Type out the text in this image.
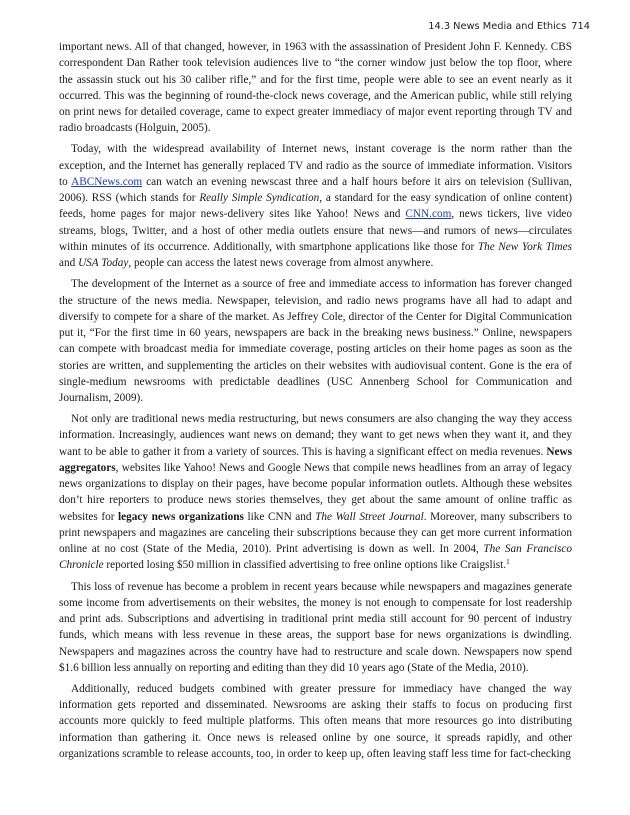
14.3 News Media and Ethics 714

important news. All of that changed, however, in 1963 with the assassination of President John F. Kennedy. CBS correspondent Dan Rather took television audiences live to “the corner window just below the top floor, where the assassin stuck out his 30 caliber rifle,” and for the first time, people were able to see an event nearly as it occurred. This was the beginning of round-the-clock news coverage, and the American public, while still relying on print news for detailed coverage, came to expect greater immediacy of major event reporting through TV and radio broadcasts (Holguin, 2005).

Today, with the widespread availability of Internet news, instant coverage is the norm rather than the exception, and the Internet has generally replaced TV and radio as the source of immediate information. Visitors to ABCNews.com can watch an evening newscast three and a half hours before it airs on television (Sullivan, 2006). RSS (which stands for Really Simple Syndication, a standard for the easy syndication of online content) feeds, home pages for major news-delivery sites like Yahoo! News and CNN.com, news tickers, live video streams, blogs, Twitter, and a host of other media outlets ensure that news—and rumors of news—circulates within minutes of its occurrence. Additionally, with smartphone applications like those for The New York Times and USA Today, people can access the latest news coverage from almost anywhere.

The development of the Internet as a source of free and immediate access to information has forever changed the structure of the news media. Newspaper, television, and radio news programs have all had to adapt and diversify to compete for a share of the market. As Jeffrey Cole, director of the Center for Digital Communication put it, “For the first time in 60 years, newspapers are back in the breaking news business.” Online, newspapers can compete with broadcast media for immediate coverage, posting articles on their home pages as soon as the stories are written, and supplementing the articles on their websites with audiovisual content. Gone is the era of single-medium newsrooms with predictable deadlines (USC Annenberg School for Communication and Journalism, 2009).

Not only are traditional news media restructuring, but news consumers are also changing the way they access information. Increasingly, audiences want news on demand; they want to get news when they want it, and they want to be able to gather it from a variety of sources. This is having a significant effect on media revenues. News aggregators, websites like Yahoo! News and Google News that compile news headlines from an array of legacy news organizations to display on their pages, have become popular information outlets. Although these websites don’t hire reporters to produce news stories themselves, they get about the same amount of online traffic as websites for legacy news organizations like CNN and The Wall Street Journal. Moreover, many subscribers to print newspapers and magazines are canceling their subscriptions because they can get more current information online at no cost (State of the Media, 2010). Print advertising is down as well. In 2004, The San Francisco Chronicle reported losing $50 million in classified advertising to free online options like Craigslist.$^1$

This loss of revenue has become a problem in recent years because while newspapers and magazines generate some income from advertisements on their websites, the money is not enough to compensate for lost readership and print ads. Subscriptions and advertising in traditional print media still account for 90 percent of industry funds, which means with less revenue in these areas, the support base for news organizations is dwindling. Newspapers and magazines across the country have had to restructure and scale down. Newspapers now spend $1.6 billion less annually on reporting and editing than they did 10 years ago (State of the Media, 2010).

Additionally, reduced budgets combined with greater pressure for immediacy have changed the way information gets reported and disseminated. Newsrooms are asking their staffs to focus on producing first accounts more quickly to feed multiple platforms. This often means that more resources go into distributing information than gathering it. Once news is released online by one source, it spreads rapidly, and other organizations scramble to release accounts, too, in order to keep up, often leaving staff less time for fact-checking
